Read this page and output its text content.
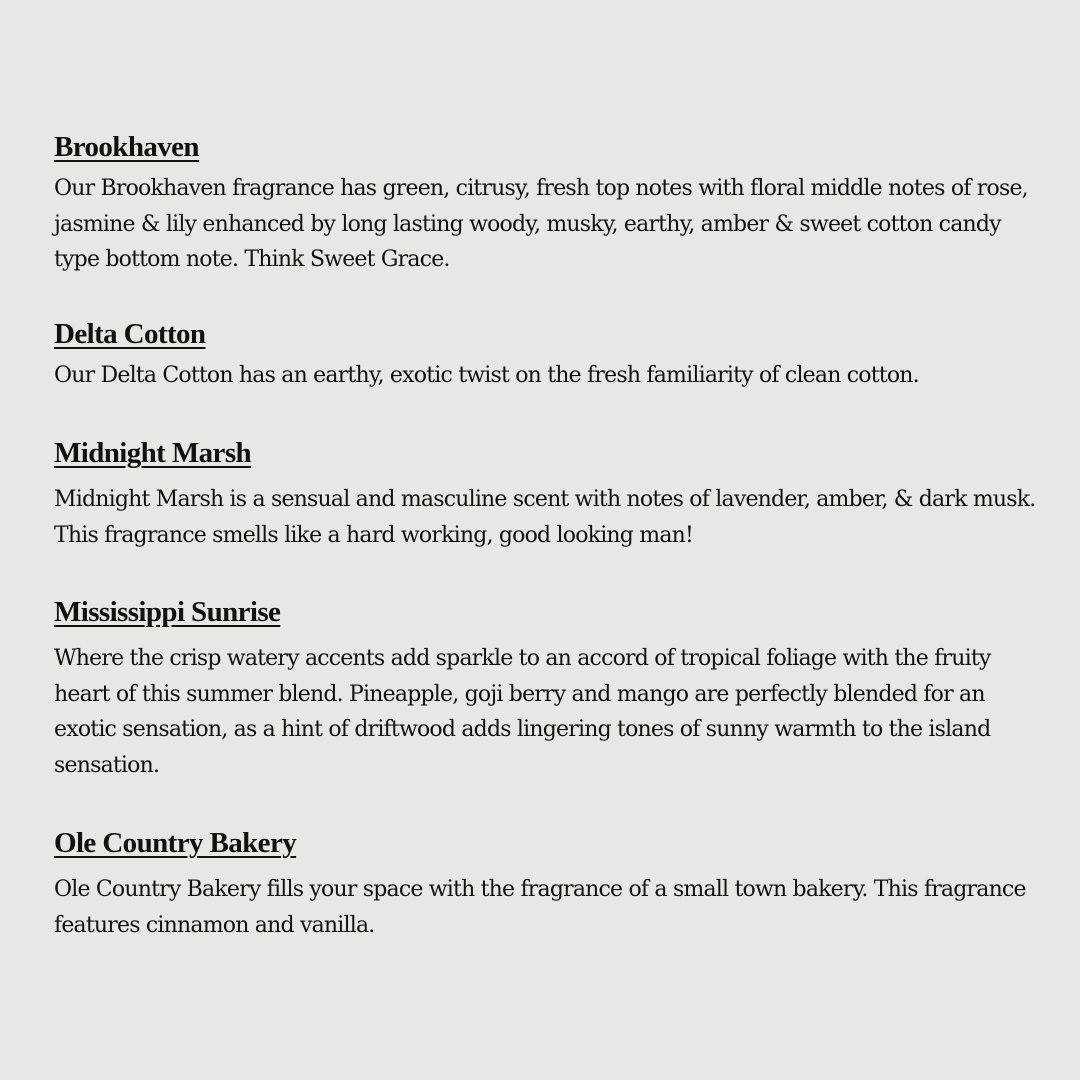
Brookhaven

Our Brookhaven fragrance has green, citrusy, fresh top notes with floral middle notes of rose, jasmine & lily enhanced by long lasting woody, musky, earthy, amber & sweet cotton candy type bottom note. Think Sweet Grace.

Delta Cotton

Our Delta Cotton has an earthy, exotic twist on the fresh familiarity of clean cotton.

Midnight Marsh

Midnight Marsh is a sensual and masculine scent with notes of lavender, amber, & dark musk. This fragrance smells like a hard working, good looking man!

Mississippi Sunrise

Where the crisp watery accents add sparkle to an accord of tropical foliage with the fruity heart of this summer blend. Pineapple, goji berry and mango are perfectly blended for an exotic sensation, as a hint of driftwood adds lingering tones of sunny warmth to the island sensation.

Ole Country Bakery

Ole Country Bakery fills your space with the fragrance of a small town bakery. This fragrance features cinnamon and vanilla.
